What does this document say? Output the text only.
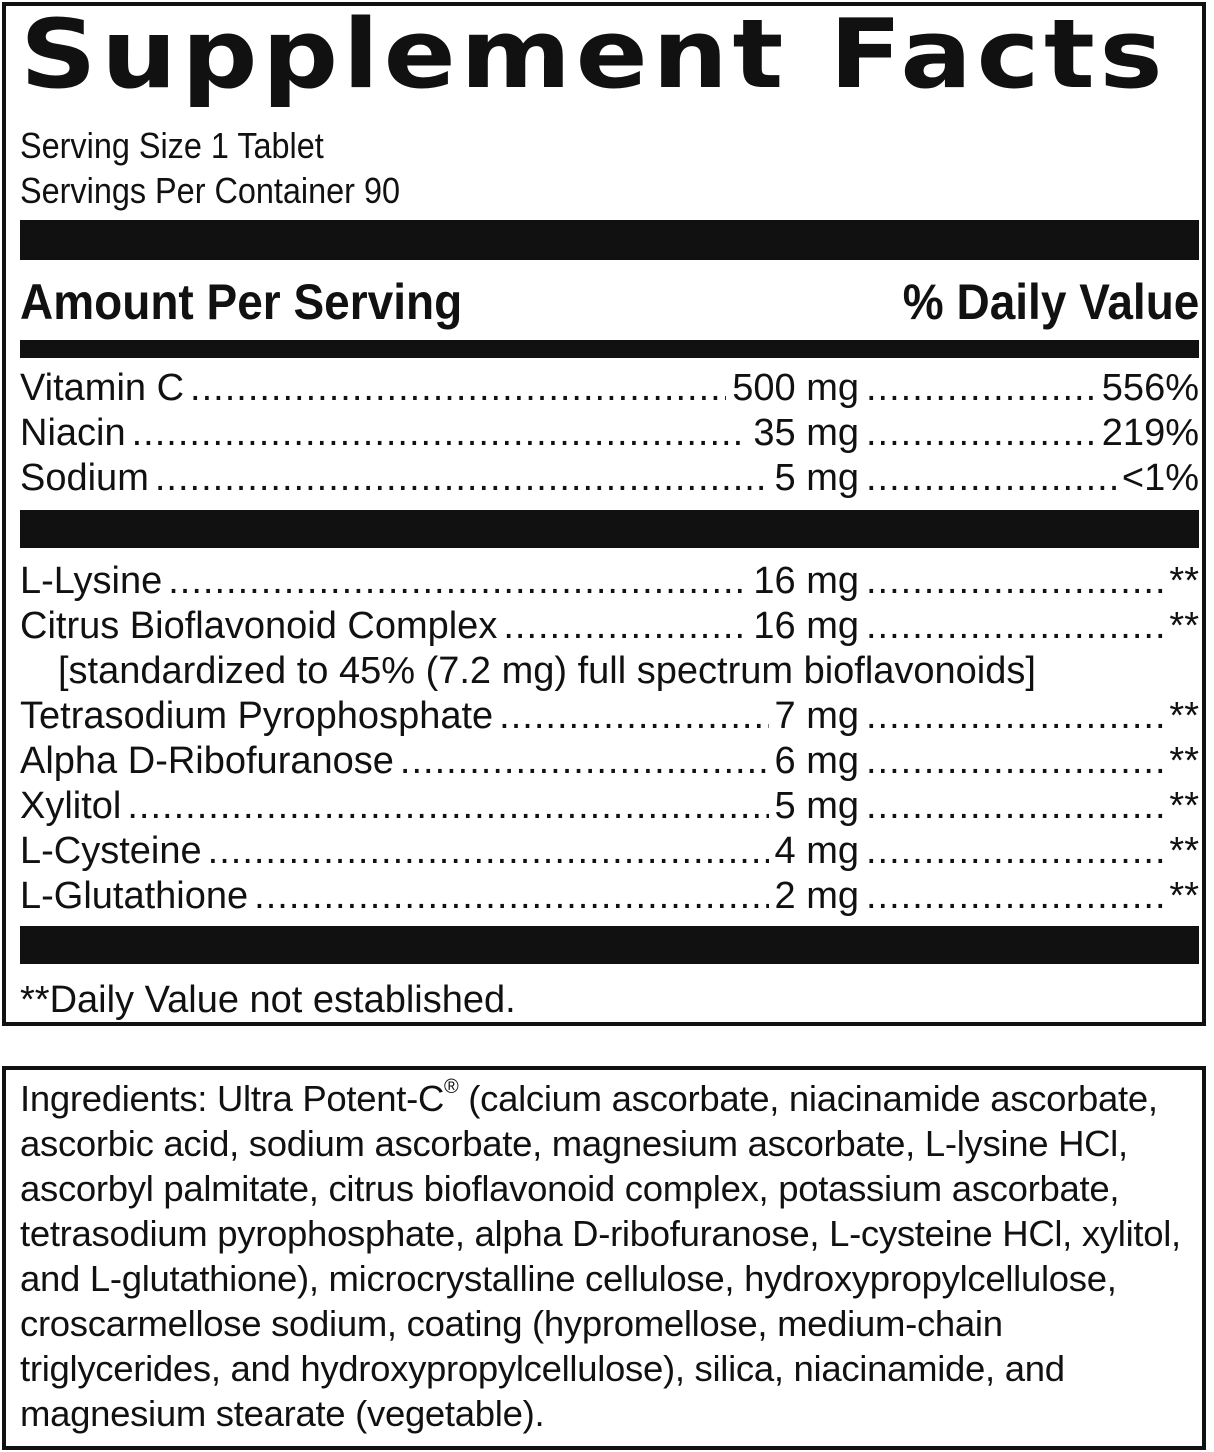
Supplement Facts
Serving Size 1 Tablet
Servings Per Container 90
Amount Per Serving	% Daily Value
Vitamin C .....	500 mg .....	556%
Niacin .....	35 mg .....	219%
Sodium .....	5 mg .....	<1%
L-Lysine .....	16 mg .....	**
Citrus Bioflavonoid Complex .....	16 mg .....	**
[standardized to 45% (7.2 mg) full spectrum bioflavonoids]
Tetrasodium Pyrophosphate .....	7 mg .....	**
Alpha D-Ribofuranose .....	6 mg .....	**
Xylitol .....	5 mg .....	**
L-Cysteine .....	4 mg .....	**
L-Glutathione .....	2 mg .....	**
**Daily Value not established.
Ingredients: Ultra Potent-C® (calcium ascorbate, niacinamide ascorbate, ascorbic acid, sodium ascorbate, magnesium ascorbate, L-lysine HCl, ascorbyl palmitate, citrus bioflavonoid complex, potassium ascorbate, tetrasodium pyrophosphate, alpha D-ribofuranose, L-cysteine HCl, xylitol, and L-glutathione), microcrystalline cellulose, hydroxypropylcellulose, croscarmellose sodium, coating (hypromellose, medium-chain triglycerides, and hydroxypropylcellulose), silica, niacinamide, and magnesium stearate (vegetable).
